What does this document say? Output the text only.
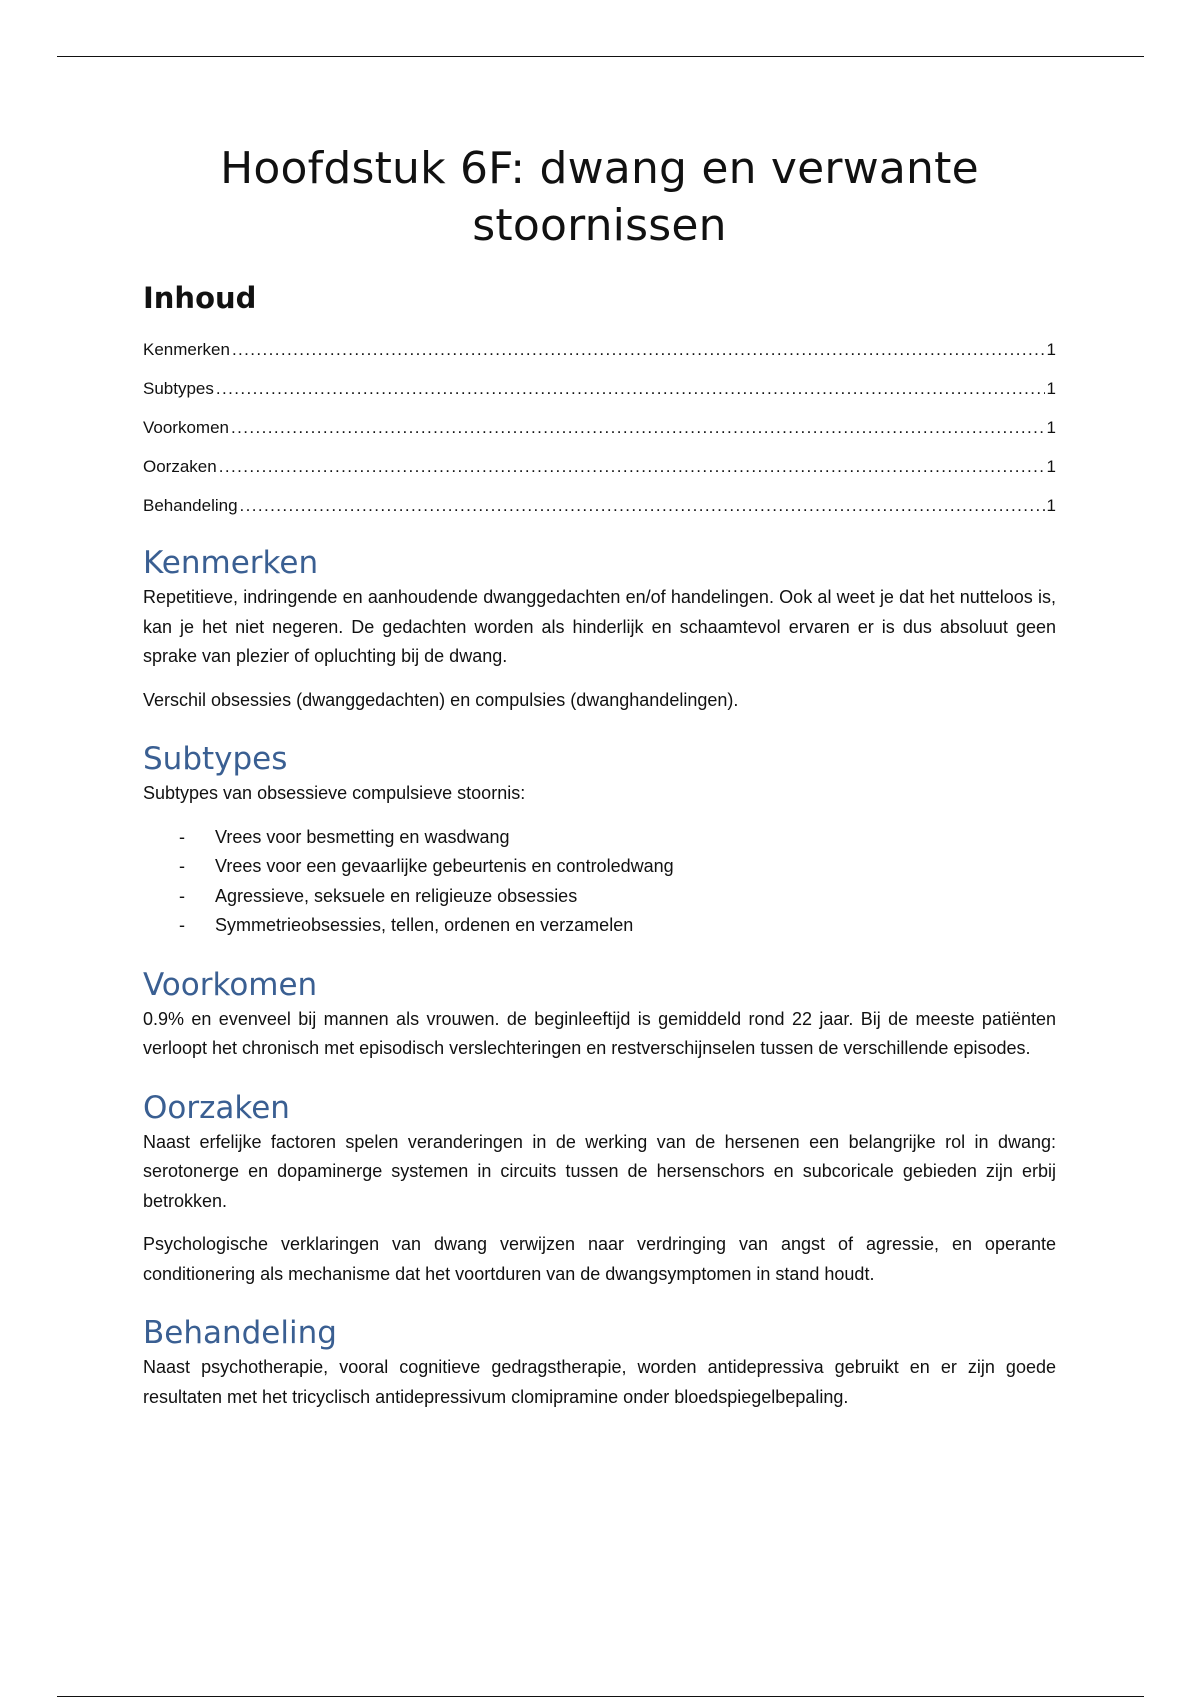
Hoofdstuk 6F: dwang en verwante stoornissen
Inhoud
Kenmerken .....	1
Subtypes .....	1
Voorkomen .....	1
Oorzaken .....	1
Behandeling .....	1
Kenmerken

Repetitieve, indringende en aanhoudende dwanggedachten en/of handelingen. Ook al weet je dat het nutteloos is, kan je het niet negeren. De gedachten worden als hinderlijk en schaamtevol ervaren er is dus absoluut geen sprake van plezier of opluchting bij de dwang.

Verschil obsessies (dwanggedachten) en compulsies (dwanghandelingen).

Subtypes

Subtypes van obsessieve compulsieve stoornis:

- Vrees voor besmetting en wasdwang
- Vrees voor een gevaarlijke gebeurtenis en controledwang
- Agressieve, seksuele en religieuze obsessies
- Symmetrieobsessies, tellen, ordenen en verzamelen
Voorkomen

0.9% en evenveel bij mannen als vrouwen. de beginleeftijd is gemiddeld rond 22 jaar. Bij de meeste patiënten verloopt het chronisch met episodisch verslechteringen en restverschijnselen tussen de verschillende episodes.

Oorzaken

Naast erfelijke factoren spelen veranderingen in de werking van de hersenen een belangrijke rol in dwang: serotonerge en dopaminerge systemen in circuits tussen de hersenschors en subcoricale gebieden zijn erbij betrokken.

Psychologische verklaringen van dwang verwijzen naar verdringing van angst of agressie, en operante conditionering als mechanisme dat het voortduren van de dwangsymptomen in stand houdt.

Behandeling

Naast psychotherapie, vooral cognitieve gedragstherapie, worden antidepressiva gebruikt en er zijn goede resultaten met het tricyclisch antidepressivum clomipramine onder bloedspiegelbepaling.
